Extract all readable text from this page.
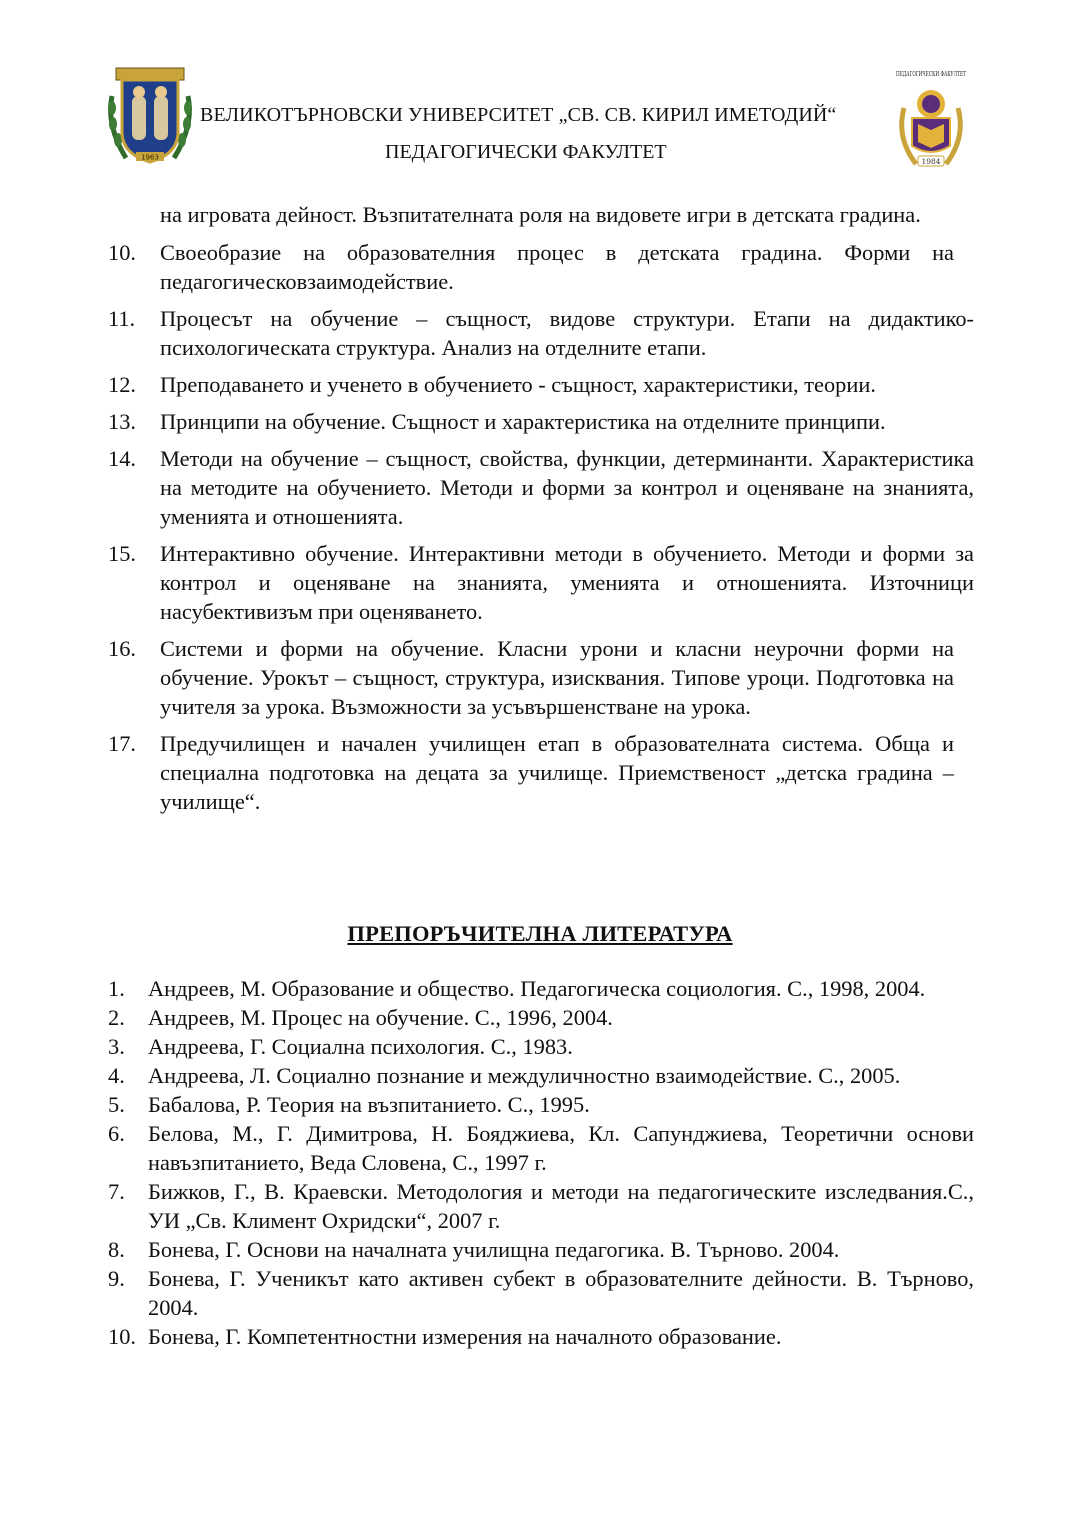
1963
ВЕЛИКОТЪРНОВСКИ УНИВЕРСИТЕТ „СВ. СВ. КИРИЛ ИМЕТОДИЙ“
ПЕДАГОГИЧЕСКИ ФАКУЛТЕТ
ПЕДАГОГИЧЕСКИ ФАКУЛТЕТ
1984
на игровата дейност. Възпитателната роля на видовете игри в детската градина.
10. Своеобразие на образователния процес в детската градина. Форми на педагогическовзаимодействие.
11. Процесът на обучение – същност, видове структури. Етапи на дидактико-психологическата структура. Анализ на отделните етапи.
12. Преподаването и ученето в обучението - същност, характеристики, теории.
13. Принципи на обучение. Същност и характеристика на отделните принципи.
14. Методи на обучение – същност, свойства, функции, детерминанти. Характеристика на методите на обучението. Методи и форми за контрол и оценяване на знанията, уменията и отношенията.
15. Интерактивно обучение. Интерактивни методи в обучението. Методи и форми за контрол и оценяване на знанията, уменията и отношенията. Източници насубективизъм при оценяването.
16. Системи и форми на обучение. Класни урони и класни неурочни форми на обучение. Урокът – същност, структура, изисквания. Типове уроци. Подготовка на учителя за урока. Възможности за усъвършенстване на урока.
17. Предучилищен и начален училищен етап в образователната система. Обща и специална подготовка на децата за училище. Приемственост „детска градина – училище“.
ПРЕПОРЪЧИТЕЛНА ЛИТЕРАТУРА
1. Андреев, М. Образование и общество. Педагогическа социология. С., 1998, 2004.
2. Андреев, М. Процес на обучение. С., 1996, 2004.
3. Андреева, Г. Социална психология. С., 1983.
4. Андреева, Л. Социално познание и междуличностно взаимодействие. С., 2005.
5. Бабалова, Р. Теория на възпитанието. С., 1995.
6. Белова, М., Г. Димитрова, Н. Бояджиева, Кл. Сапунджиева, Теоретични основи навъзпитанието, Веда Словена, С., 1997 г.
7. Бижков, Г., В. Краевски. Методология и методи на педагогическите изследвания.С., УИ „Св. Климент Охридски“, 2007 г.
8. Бонева, Г. Основи на началната училищна педагогика. В. Търново. 2004.
9. Бонева, Г. Ученикът като активен субект в образователните дейности. В. Търново, 2004.
10. Бонева, Г. Компетентностни измерения на началното образование.
